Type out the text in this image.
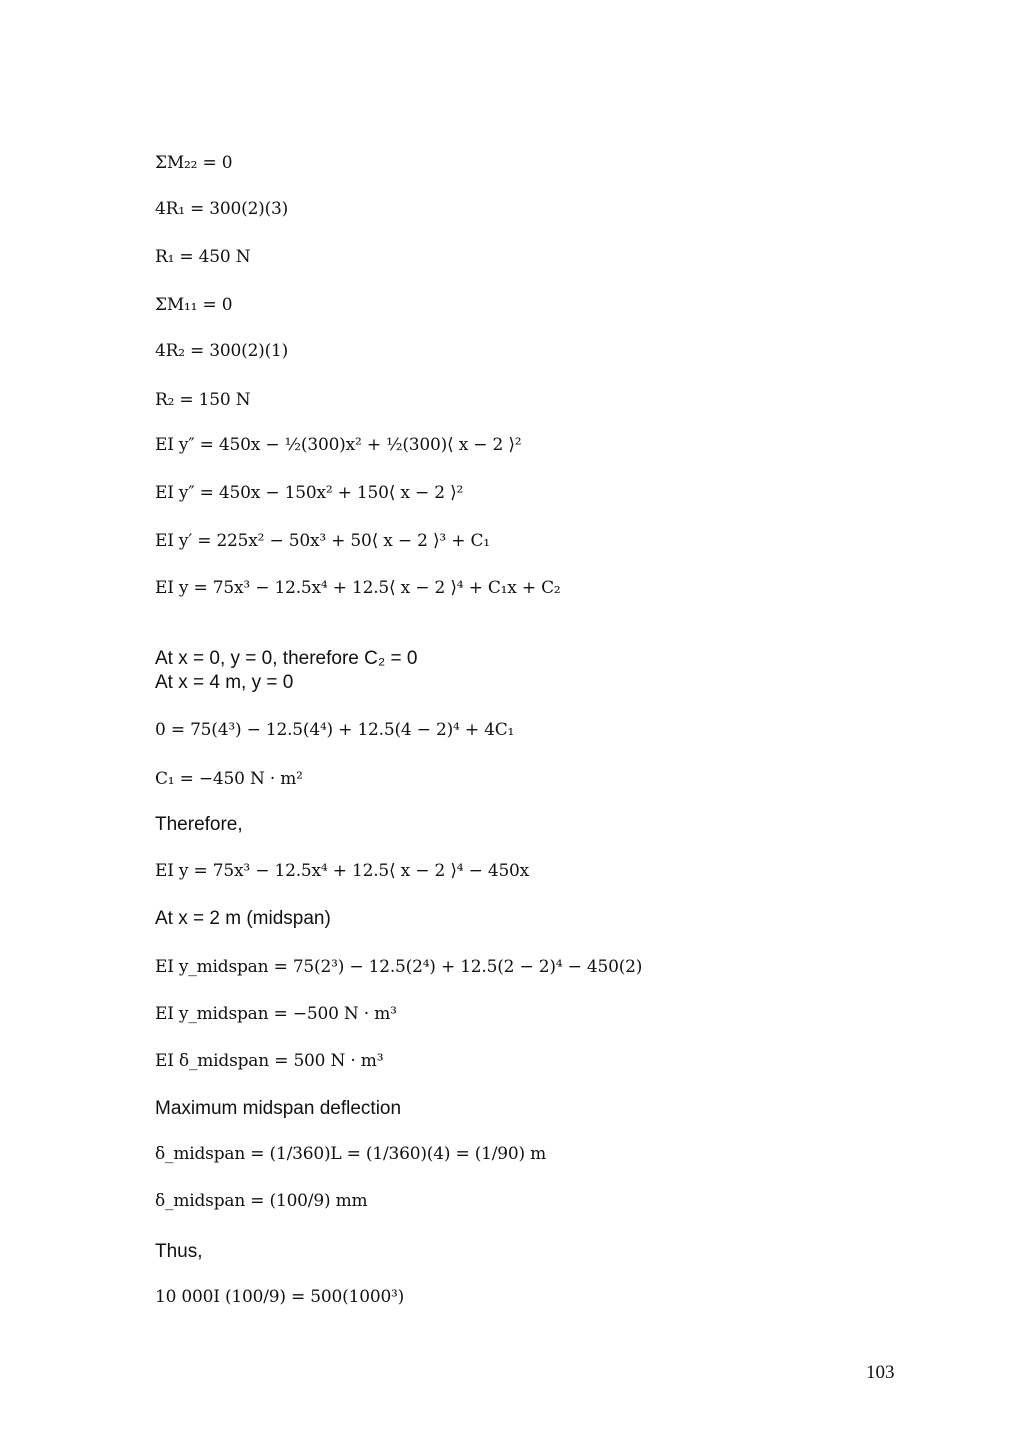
ΣM₂₂ = 0
4R₁ = 300(2)(3)
R₁ = 450 N
ΣM₁₁ = 0
4R₂ = 300(2)(1)
R₂ = 150 N
EI y″ = 450x − ½(300)x² + ½(300)⟨ x − 2 ⟩²
EI y″ = 450x − 150x² + 150⟨ x − 2 ⟩²
EI y′ = 225x² − 50x³ + 50⟨ x − 2 ⟩³ + C₁
EI y = 75x³ − 12.5x⁴ + 12.5⟨ x − 2 ⟩⁴ + C₁x + C₂
At x = 0, y = 0, therefore C₂ = 0
At x = 4 m, y = 0
0 = 75(4³) − 12.5(4⁴) + 12.5(4 − 2)⁴ + 4C₁
C₁ = −450 N · m²
Therefore,
EI y = 75x³ − 12.5x⁴ + 12.5⟨ x − 2 ⟩⁴ − 450x
At x = 2 m (midspan)
EI y_midspan = 75(2³) − 12.5(2⁴) + 12.5(2 − 2)⁴ − 450(2)
EI y_midspan = −500 N · m³
EI δ_midspan = 500 N · m³
Maximum midspan deflection
δ_midspan = (1/360)L = (1/360)(4) = (1/90) m
δ_midspan = (100/9) mm
Thus,
10 000I (100/9) = 500(1000³)
103
